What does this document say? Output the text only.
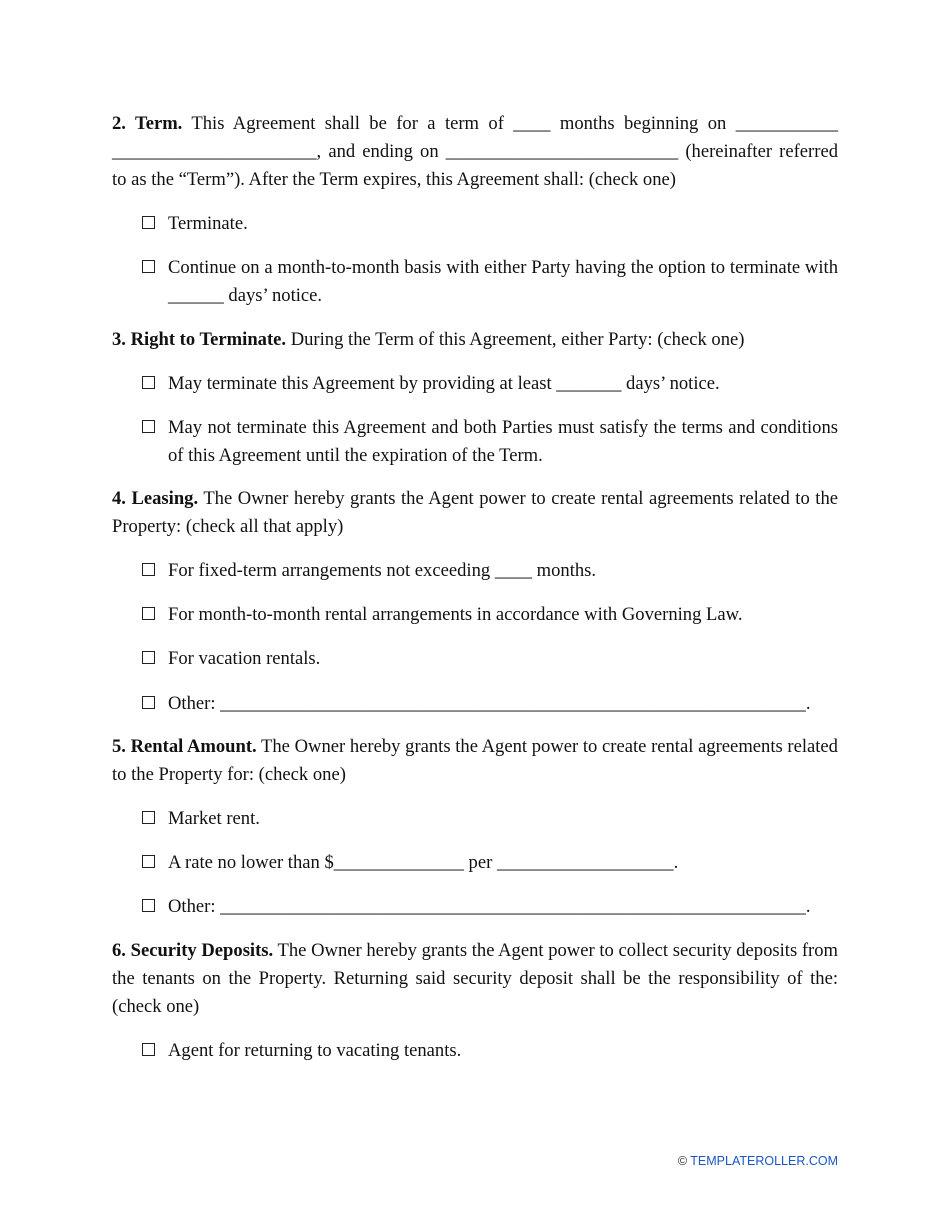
2. Term. This Agreement shall be for a term of ____ months beginning on ___________ ______________________, and ending on _________________________ (hereinafter referred to as the “Term”). After the Term expires, this Agreement shall: (check one)
Terminate.
Continue on a month-to-month basis with either Party having the option to terminate with ______ days’ notice.
3. Right to Terminate. During the Term of this Agreement, either Party: (check one)
May terminate this Agreement by providing at least _______ days’ notice.
May not terminate this Agreement and both Parties must satisfy the terms and conditions of this Agreement until the expiration of the Term.
4. Leasing. The Owner hereby grants the Agent power to create rental agreements related to the Property: (check all that apply)
For fixed-term arrangements not exceeding ____ months.
For month-to-month rental arrangements in accordance with Governing Law.
For vacation rentals.
Other: _______________________________________________________________.
5. Rental Amount. The Owner hereby grants the Agent power to create rental agreements related to the Property for: (check one)
Market rent.
A rate no lower than $______________ per ___________________.
Other: _______________________________________________________________.
6. Security Deposits. The Owner hereby grants the Agent power to collect security deposits from the tenants on the Property. Returning said security deposit shall be the responsibility of the: (check one)
Agent for returning to vacating tenants.
© TEMPLATEROLLER.COM
